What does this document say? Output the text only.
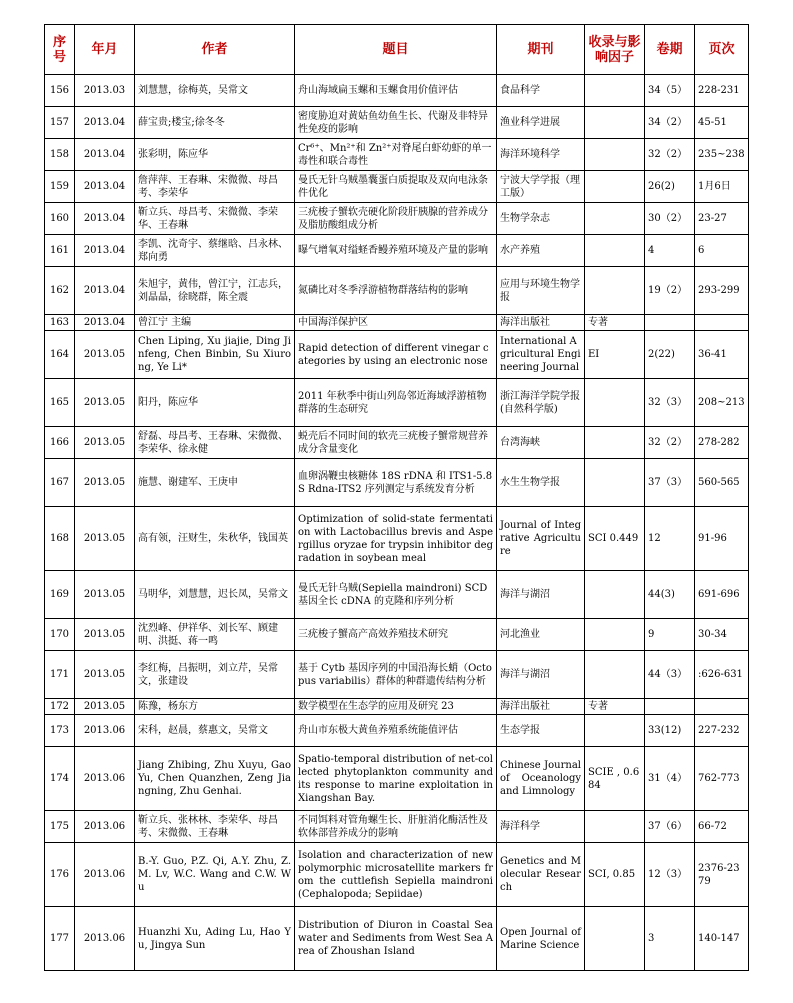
序号	年月	作者	题目	期刊	收录与影响因子	卷期	页次
156	2013.03	刘慧慧，徐梅英，吴常文	舟山海域扁玉螺和玉螺食用价值评估	食品科学		34（5）	228-231
157	2013.04	薛宝贵;楼宝;徐冬冬	密度胁迫对黄姑鱼幼鱼生长、代谢及非特异性免疫的影响	渔业科学进展		34（2）	45-51
158	2013.04	张彩明，陈应华	Cr⁶⁺、Mn²⁺和 Zn²⁺对脊尾白虾幼虾的单一毒性和联合毒性	海洋环境科学		32（2）	235~238
159	2013.04	詹萍萍、王春琳、宋微微、母昌考、李荣华	曼氏无针乌贼墨囊蛋白质提取及双向电泳条件优化	宁波大学学报（理工版）		26(2)	1月6日
160	2013.04	靳立兵、母昌考、宋微微、李荣华、王春琳	三疣梭子蟹软壳硬化阶段肝胰腺的营养成分及脂肪酸组成分析	生物学杂志		30（2）	23-27
161	2013.04	李凯、沈奇宇、蔡继晗、吕永林、郑向勇	曝气增氧对缢蛏香鳗养殖环境及产量的影响	水产养殖		4	6
162	2013.04	朱旭宇，黄伟，曾江宁，江志兵，刘晶晶，徐晓群，陈全震	氮磷比对冬季浮游植物群落结构的影响	应用与环境生物学报		19（2）	293-299
163	2013.04	曾江宁 主编	中国海洋保护区	海洋出版社	专著		
164	2013.05	Chen Liping, Xu jiajie, Ding Jinfeng, Chen Binbin, Su Xiurong, Ye Li*	Rapid detection of different vinegar categories by using an electronic nose	International Agricultural Engineering Journal	EI	2(22)	36-41
165	2013.05	阳丹，陈应华	2011 年秋季中街山列岛邻近海域浮游植物群落的生态研究	浙江海洋学院学报(自然科学版)		32（3）	208~213
166	2013.05	舒磊、母昌考、王春琳、宋微微、李荣华、徐永健	蜕壳后不同时间的软壳三疣梭子蟹常规营养成分含量变化	台湾海峡		32（2）	278-282
167	2013.05	施慧、谢建军、王庚申	血卵涡鞭虫核糖体 18S rDNA 和 ITS1-5.8S Rdna-ITS2 序列测定与系统发育分析	水生生物学报		37（3）	560-565
168	2013.05	高有领，汪财生，朱秋华，钱国英	Optimization of solid-state fermentation with Lactobacillus brevis and Aspergillus oryzae for trypsin inhibitor degradation in soybean meal	Journal of Integrative Agriculture	SCI 0.449	12	91-96
169	2013.05	马明华，刘慧慧，迟长凤，吴常文	曼氏无针乌贼(Sepiella maindroni) SCD 基因全长 cDNA 的克隆和序列分析	海洋与湖沼		44(3)	691-696
170	2013.05	沈烈峰、伊祥华、刘长军、顾建明、洪挺、蒋一鸣	三疣梭子蟹高产高效养殖技术研究	河北渔业		9	30-34
171	2013.05	李红梅，吕振明，刘立芹，吴常文，张建设	基于 Cytb 基因序列的中国沿海长蛸（Octopus variabilis）群体的种群遗传结构分析	海洋与湖沼		44（3）	:626-631
172	2013.05	陈豫，杨东方	数学模型在生态学的应用及研究 23	海洋出版社	专著		
173	2013.06	宋科，赵晨，蔡惠文，吴常文	舟山市东极大黄鱼养殖系统能值评估	生态学报		33(12)	227-232
174	2013.06	Jiang Zhibing, Zhu Xuyu, Gao Yu, Chen Quanzhen, Zeng Jiangning, Zhu Genhai.	Spatio-temporal distribution of net-collected phytoplankton community and its response to marine exploitation in Xiangshan Bay.	Chinese Journal of Oceanology and Limnology	SCIE , 0.684	31（4）	762-773
175	2013.06	靳立兵、张林林、李荣华、母昌考、宋微微、王春琳	不同饵料对管角螺生长、肝脏消化酶活性及软体部营养成分的影响	海洋科学		37（6）	66-72
176	2013.06	B.-Y. Guo, P.Z. Qi, A.Y. Zhu, Z.M. Lv, W.C. Wang and C.W. Wu	Isolation and characterization of new polymorphic microsatellite markers from the cuttlefish Sepiella maindroni (Cephalopoda; Sepiidae)	Genetics and Molecular Research	SCI, 0.85	12（3）	2376-2379
177	2013.06	Huanzhi Xu, Ading Lu, Hao Yu, Jingya Sun	Distribution of Diuron in Coastal Seawater and Sediments from West Sea Area of Zhoushan Island	Open Journal of Marine Science		3	140-147
